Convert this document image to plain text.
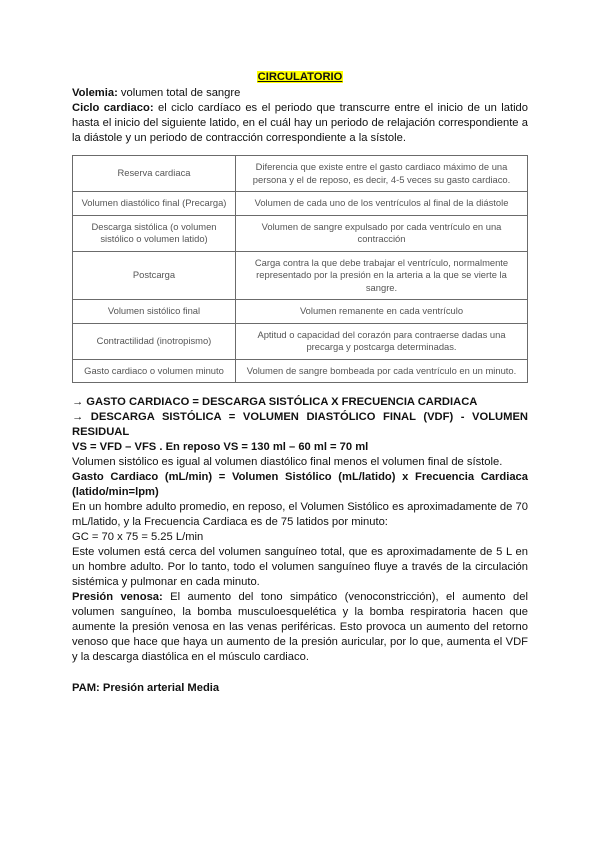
CIRCULATORIO

Volemia: volumen total de sangre

Ciclo cardiaco: el ciclo cardíaco es el periodo que transcurre entre el inicio de un latido hasta el inicio del siguiente latido, en el cuál hay un periodo de relajación correspondiente a la diástole y un periodo de contracción correspondiente a la sístole.

Reserva cardiaca	Diferencia que existe entre el gasto cardiaco máximo de una persona y el de reposo, es decir, 4-5 veces su gasto cardiaco.
Volumen diastólico final (Precarga)	Volumen de cada uno de los ventrículos al final de la diástole
Descarga sistólica (o volumen sistólico o volumen latido)	Volumen de sangre expulsado por cada ventrículo en una contracción
Postcarga	Carga contra la que debe trabajar el ventrículo, normalmente representado por la presión en la arteria a la que se vierte la sangre.
Volumen sistólico final	Volumen remanente en cada ventrículo
Contractilidad (inotropismo)	Aptitud o capacidad del corazón para contraerse dadas una precarga y postcarga determinadas.
Gasto cardiaco o volumen minuto	Volumen de sangre bombeada por cada ventrículo en un minuto.

→ GASTO CARDIACO = DESCARGA SISTÓLICA X FRECUENCIA CARDIACA

→ DESCARGA SISTÓLICA = VOLUMEN DIASTÓLICO FINAL (VDF) - VOLUMEN RESIDUAL

VS = VFD – VFS . En reposo VS = 130 ml – 60 ml = 70 ml

Volumen sistólico es igual al volumen diastólico final menos el volumen final de sístole.

Gasto Cardiaco (mL/min) = Volumen Sistólico (mL/latido) x Frecuencia Cardiaca (latido/min=lpm)

En un hombre adulto promedio, en reposo, el Volumen Sistólico es aproximadamente de 70 mL/latido, y la Frecuencia Cardiaca es de 75 latidos por minuto:

GC = 70 x 75 = 5.25 L/min

Este volumen está cerca del volumen sanguíneo total, que es aproximadamente de 5 L en un hombre adulto. Por lo tanto, todo el volumen sanguíneo fluye a través de la circulación sistémica y pulmonar en cada minuto.

Presión venosa: El aumento del tono simpático (venoconstricción), el aumento del volumen sanguíneo, la bomba musculoesquelética y la bomba respiratoria hacen que aumente la presión venosa en las venas periféricas. Esto provoca un aumento del retorno venoso que hace que haya un aumento de la presión auricular, por lo que, aumenta el VDF y la descarga diastólica en el músculo cardiaco.

PAM: Presión arterial Media
